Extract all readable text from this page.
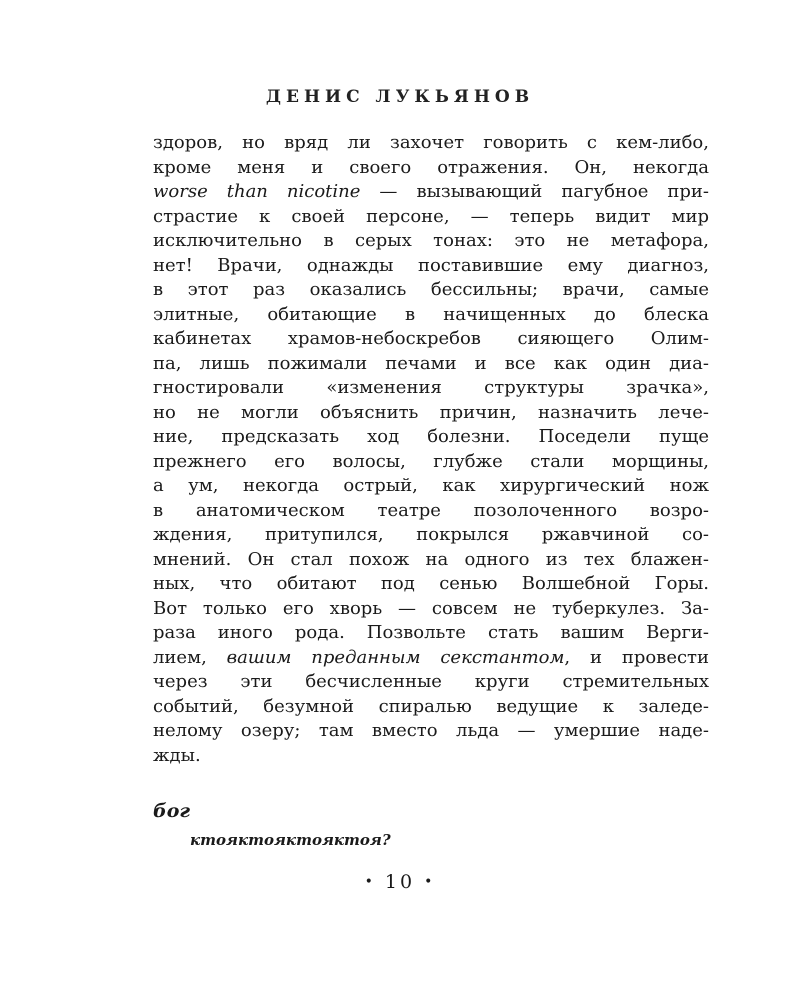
ДЕНИС ЛУКЬЯНОВ
здоров, но вряд ли захочет говорить с кем-либо,
кроме меня и своего отражения. Он, некогда
worse than nicotine — вызывающий пагубное при-
страстие к своей персоне, — теперь видит мир
исключительно в серых тонах: это не метафора,
нет! Врачи, однажды поставившие ему диагноз,
в этот раз оказались бессильны; врачи, самые
элитные, обитающие в начищенных до блеска
кабинетах храмов-небоскребов сияющего Олим-
па, лишь пожимали печами и все как один диа-
гностировали «изменения структуры зрачка»,
но не могли объяснить причин, назначить лече-
ние, предсказать ход болезни. Поседели пуще
прежнего его волосы, глубже стали морщины,
а ум, некогда острый, как хирургический нож
в анатомическом театре позолоченного возро-
ждения, притупился, покрылся ржавчиной со-
мнений. Он стал похож на одного из тех блажен-
ных, что обитают под сенью Волшебной Горы.
Вот только его хворь — совсем не туберкулез. За-
раза иного рода. Позвольте стать вашим Верги-
лием, вашим преданным секстантом, и провести
через эти бесчисленные круги стремительных
событий, безумной спиралью ведущие к заледе-
нелому озеру; там вместо льда — умершие наде-
жды.
бог
ктояктояктояктоя?
• 10 •
